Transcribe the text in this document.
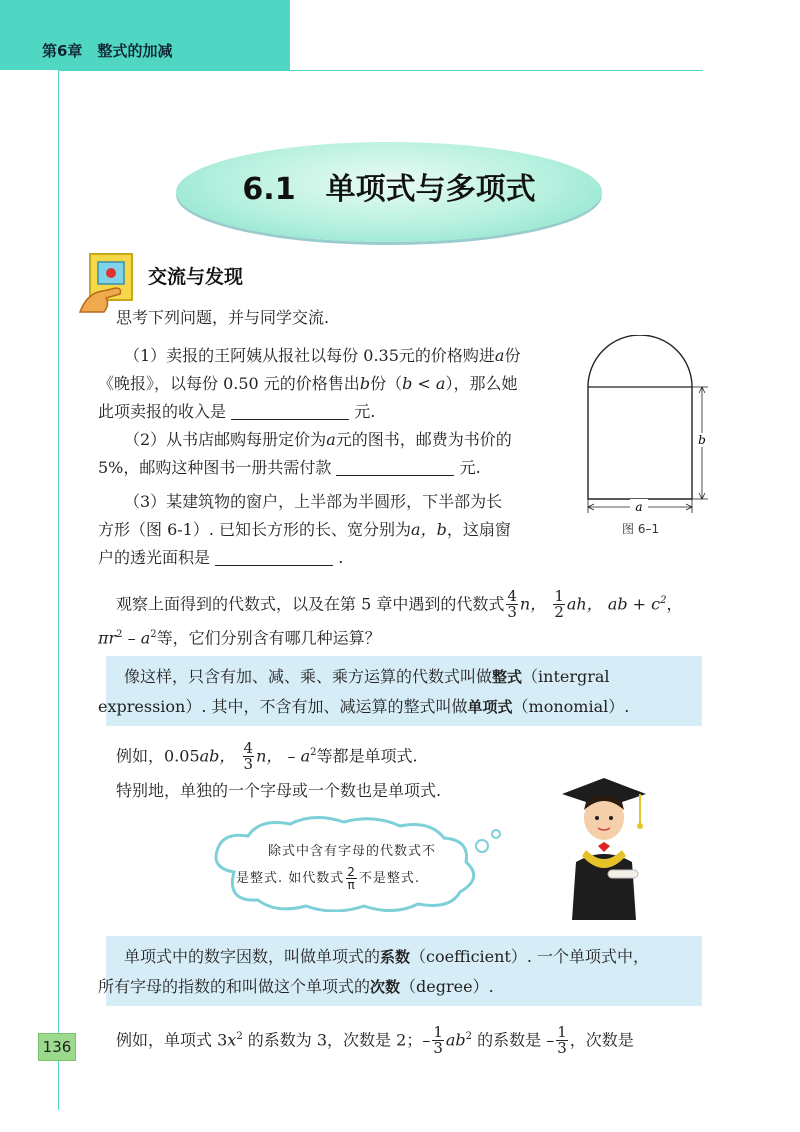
第6章　整式的加减
6.1　单项式与多项式
交流与发现
思考下列问题，并与同学交流.
（1）卖报的王阿姨从报社以每份 0.35元的价格购进a份
《晚报》，以每份 0.50 元的价格售出b份（b < a），那么她
此项卖报的收入是	元.
（2）从书店邮购每册定价为a元的图书，邮费为书价的
5%，邮购这种图书一册共需付款	元.
（3）某建筑物的窗户，上半部为半圆形，下半部为长
方形（图 6-1）. 已知长方形的长、宽分别为a，b，这扇窗
户的透光面积是	.
a
b
图 6–1
观察上面得到的代数式，以及在第 5 章中遇到的代数式 $\frac{4}{3}$ n， $\frac{1}{2}$ ah， ab + $c^2$，
$\pi r^2 - a^2$等，它们分别含有哪几种运算？
像这样，只含有加、减、乘、乘方运算的代数式叫做整式（intergral
expression）. 其中，不含有加、减运算的整式叫做单项式（monomial）.
例如，0.05ab， $\frac{4}{3}$ n， – $a^2$等都是单项式.
特别地，单独的一个字母或一个数也是单项式.
除式中含有字母的代数式不
是整式. 如代数式 $\frac{2}{\pi}$ 不是整式.
单项式中的数字因数，叫做单项式的系数（coefficient）. 一个单项式中，
所有字母的指数的和叫做这个单项式的次数（degree）.
例如，单项式 $3x^2$ 的系数为 3，次数是 2；– $\frac{1}{3} ab^2$ 的系数是 – $\frac{1}{3}$ ，次数是
136
